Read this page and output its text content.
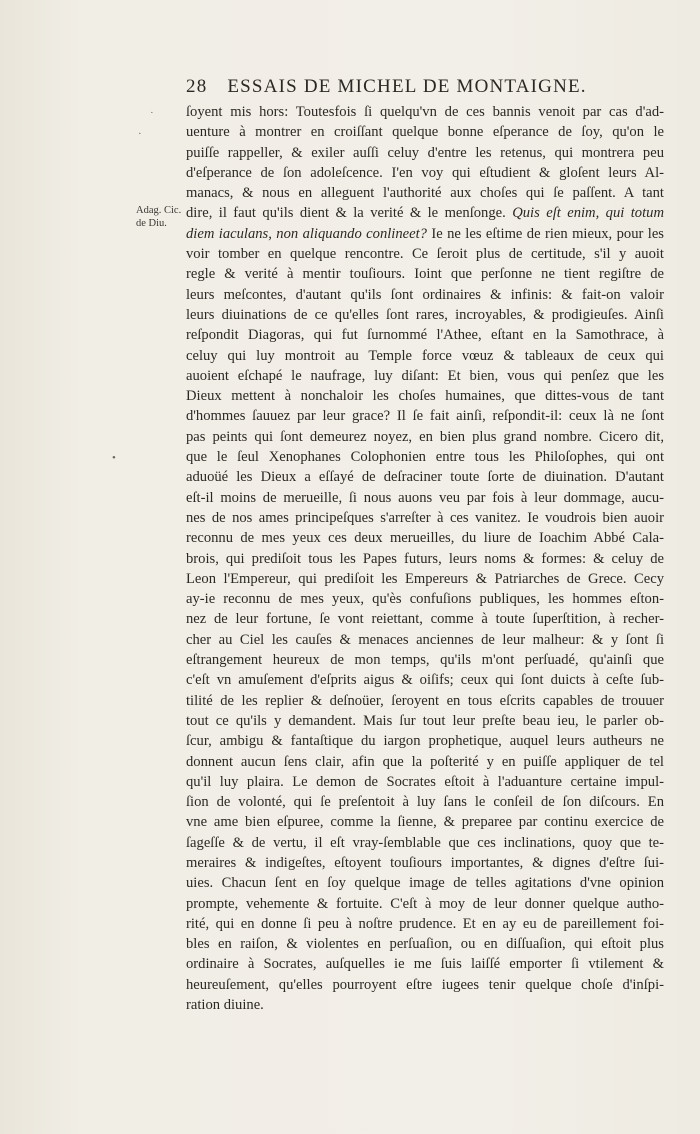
28 ESSAIS DE MICHEL DE MONTAIGNE.
Adag. Cic.
de Diu.
˙
·
•
ſoyent mis hors: Toutesfois ſi quelqu'vn de ces bannis venoit par cas d'ad-
uenture à montrer en croiſſant quelque bonne eſperance de ſoy, qu'on le
puiſſe rappeller, & exiler auſſi celuy d'entre les retenus, qui montrera peu
d'eſperance de ſon adoleſcence. I'en voy qui eſtudient & gloſent leurs Al-
manacs, & nous en alleguent l'authorité aux choſes qui ſe paſſent. A tant
dire, il faut qu'ils dient & la verité & le menſonge. Quis eſt enim, qui totum
diem iaculans, non aliquando conlineet? Ie ne les eſtime de rien mieux, pour les
voir tomber en quelque rencontre. Ce ſeroit plus de certitude, s'il y auoit
regle & verité à mentir touſiours. Ioint que perſonne ne tient regiſtre de
leurs meſcontes, d'autant qu'ils ſont ordinaires & infinis: & fait-on valoir
leurs diuinations de ce qu'elles ſont rares, incroyables, & prodigieuſes. Ainſi
reſpondit Diagoras, qui fut ſurnommé l'Athee, eſtant en la Samothrace, à
celuy qui luy montroit au Temple force vœuz & tableaux de ceux qui
auoient eſchapé le naufrage, luy diſant: Et bien, vous qui penſez que les
Dieux mettent à nonchaloir les choſes humaines, que dittes-vous de tant
d'hommes ſauuez par leur grace? Il ſe fait ainſi, reſpondit-il: ceux là ne ſont
pas peints qui ſont demeurez noyez, en bien plus grand nombre. Cicero dit,
que le ſeul Xenophanes Colophonien entre tous les Philoſophes, qui ont
aduoüé les Dieux a eſſayé de deſraciner toute ſorte de diuination. D'autant
eſt-il moins de merueille, ſi nous auons veu par fois à leur dommage, aucu-
nes de nos ames principeſques s'arreſter à ces vanitez. Ie voudrois bien auoir
reconnu de mes yeux ces deux merueilles, du liure de Ioachim Abbé Cala-
brois, qui prediſoit tous les Papes futurs, leurs noms & formes: & celuy de
Leon l'Empereur, qui prediſoit les Empereurs & Patriarches de Grece. Cecy
ay-ie reconnu de mes yeux, qu'ès confuſions publiques, les hommes eſton-
nez de leur fortune, ſe vont reiettant, comme à toute ſuperſtition, à recher-
cher au Ciel les cauſes & menaces anciennes de leur malheur: & y ſont ſi
eſtrangement heureux de mon temps, qu'ils m'ont perſuadé, qu'ainſi que
c'eſt vn amuſement d'eſprits aigus & oiſifs; ceux qui ſont duicts à ceſte ſub-
tilité de les replier & deſnoüer, ſeroyent en tous eſcrits capables de trouuer
tout ce qu'ils y demandent. Mais ſur tout leur preſte beau ieu, le parler ob-
ſcur, ambigu & fantaſtique du iargon prophetique, auquel leurs autheurs ne
donnent aucun ſens clair, afin que la poſterité y en puiſſe appliquer de tel
qu'il luy plaira. Le demon de Socrates eſtoit à l'aduanture certaine impul-
ſion de volonté, qui ſe preſentoit à luy ſans le conſeil de ſon diſcours. En
vne ame bien eſpuree, comme la ſienne, & preparee par continu exercice de
ſageſſe & de vertu, il eſt vray-ſemblable que ces inclinations, quoy que te-
meraires & indigeſtes, eſtoyent touſiours importantes, & dignes d'eſtre ſui-
uies. Chacun ſent en ſoy quelque image de telles agitations d'vne opinion
prompte, vehemente & fortuite. C'eſt à moy de leur donner quelque autho-
rité, qui en donne ſi peu à noſtre prudence. Et en ay eu de pareillement foi-
bles en raiſon, & violentes en perſuaſion, ou en diſſuaſion, qui eſtoit plus
ordinaire à Socrates, auſquelles ie me ſuis laiſſé emporter ſi vtilement &
heureuſement, qu'elles pourroyent eſtre iugees tenir quelque choſe d'inſpi-
ration diuine.
